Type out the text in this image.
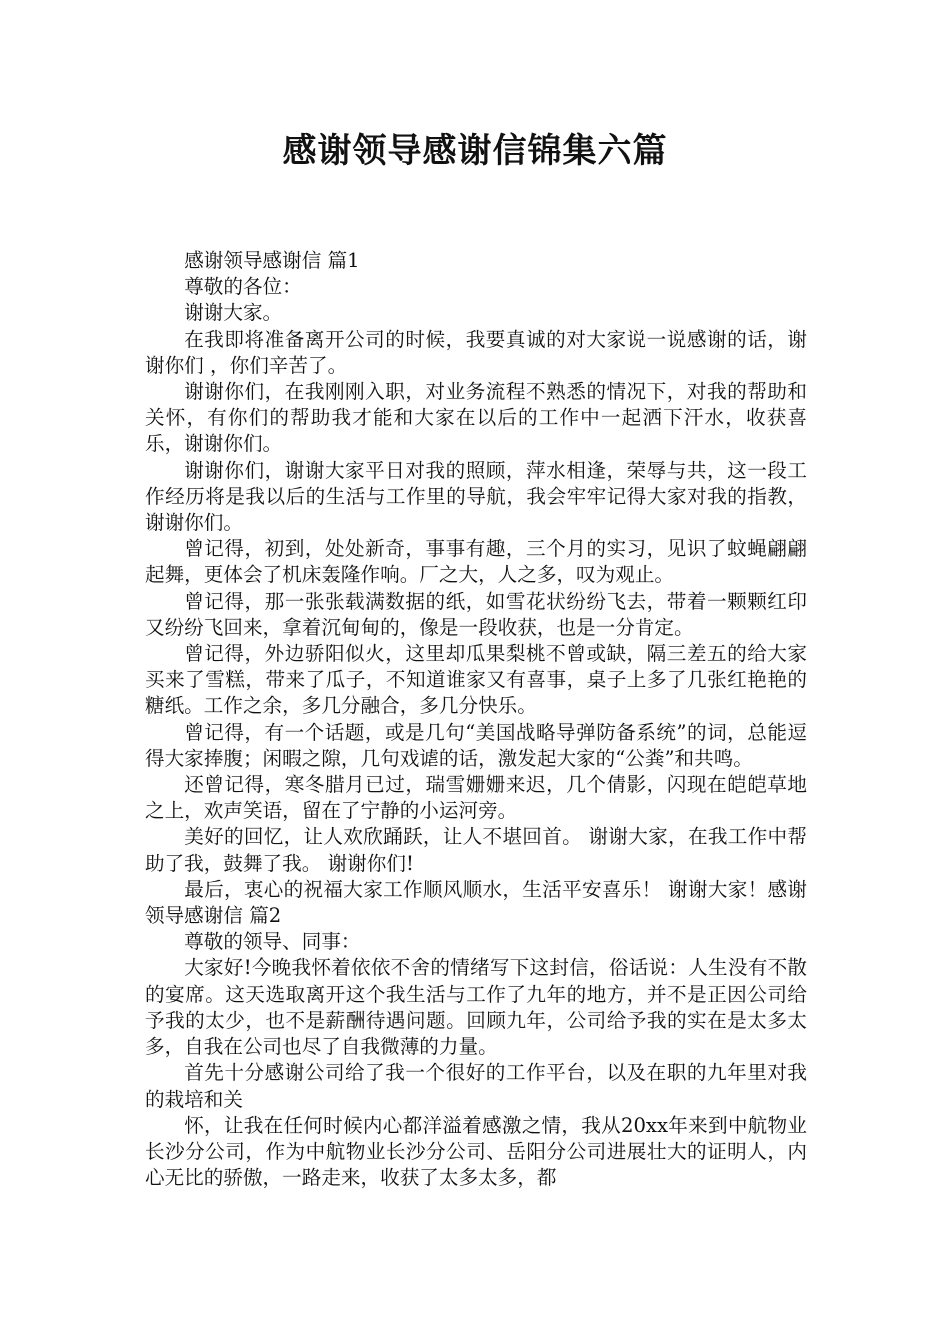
感谢领导感谢信锦集六篇

感谢领导感谢信 篇1

尊敬的各位：

谢谢大家。

在我即将准备离开公司的时候，我要真诚的对大家说一说感谢的话，谢谢你们 ，你们辛苦了。

谢谢你们，在我刚刚入职，对业务流程不熟悉的情况下，对我的帮助和关怀，有你们的帮助我才能和大家在以后的工作中一起洒下汗水，收获喜乐，谢谢你们。

谢谢你们，谢谢大家平日对我的照顾，萍水相逢，荣辱与共，这一段工作经历将是我以后的生活与工作里的导航，我会牢牢记得大家对我的指教，谢谢你们。

曾记得，初到，处处新奇，事事有趣，三个月的实习，见识了蚊蝇翩翩起舞，更体会了机床轰隆作响。厂之大，人之多，叹为观止。

曾记得，那一张张载满数据的纸，如雪花状纷纷飞去，带着一颗颗红印又纷纷飞回来，拿着沉甸甸的，像是一段收获，也是一分肯定。

曾记得，外边骄阳似火，这里却瓜果梨桃不曾或缺，隔三差五的给大家买来了雪糕，带来了瓜子，不知道谁家又有喜事，桌子上多了几张红艳艳的糖纸。工作之余，多几分融合，多几分快乐。

曾记得，有一个话题，或是几句“美国战略导弹防备系统”的词，总能逗得大家捧腹；闲暇之隙，几句戏谑的话，激发起大家的“公粪”和共鸣。

还曾记得，寒冬腊月已过，瑞雪姗姗来迟，几个倩影，闪现在皑皑草地之上，欢声笑语，留在了宁静的小运河旁。

美好的回忆，让人欢欣踊跃，让人不堪回首。 谢谢大家，在我工作中帮助了我，鼓舞了我。 谢谢你们!

最后，衷心的祝福大家工作顺风顺水，生活平安喜乐！ 谢谢大家！感谢领导感谢信 篇2

尊敬的领导、同事：

大家好!今晚我怀着依依不舍的情绪写下这封信，俗话说：人生没有不散的宴席。这天选取离开这个我生活与工作了九年的地方，并不是正因公司给予我的太少，也不是薪酬待遇问题。回顾九年，公司给予我的实在是太多太多，自我在公司也尽了自我微薄的力量。

首先十分感谢公司给了我一个很好的工作平台，以及在职的九年里对我的栽培和关

怀，让我在任何时候内心都洋溢着感激之情，我从20xx年来到中航物业长沙分公司，作为中航物业长沙分公司、岳阳分公司进展壮大的证明人，内心无比的骄傲，一路走来，收获了太多太多，都
